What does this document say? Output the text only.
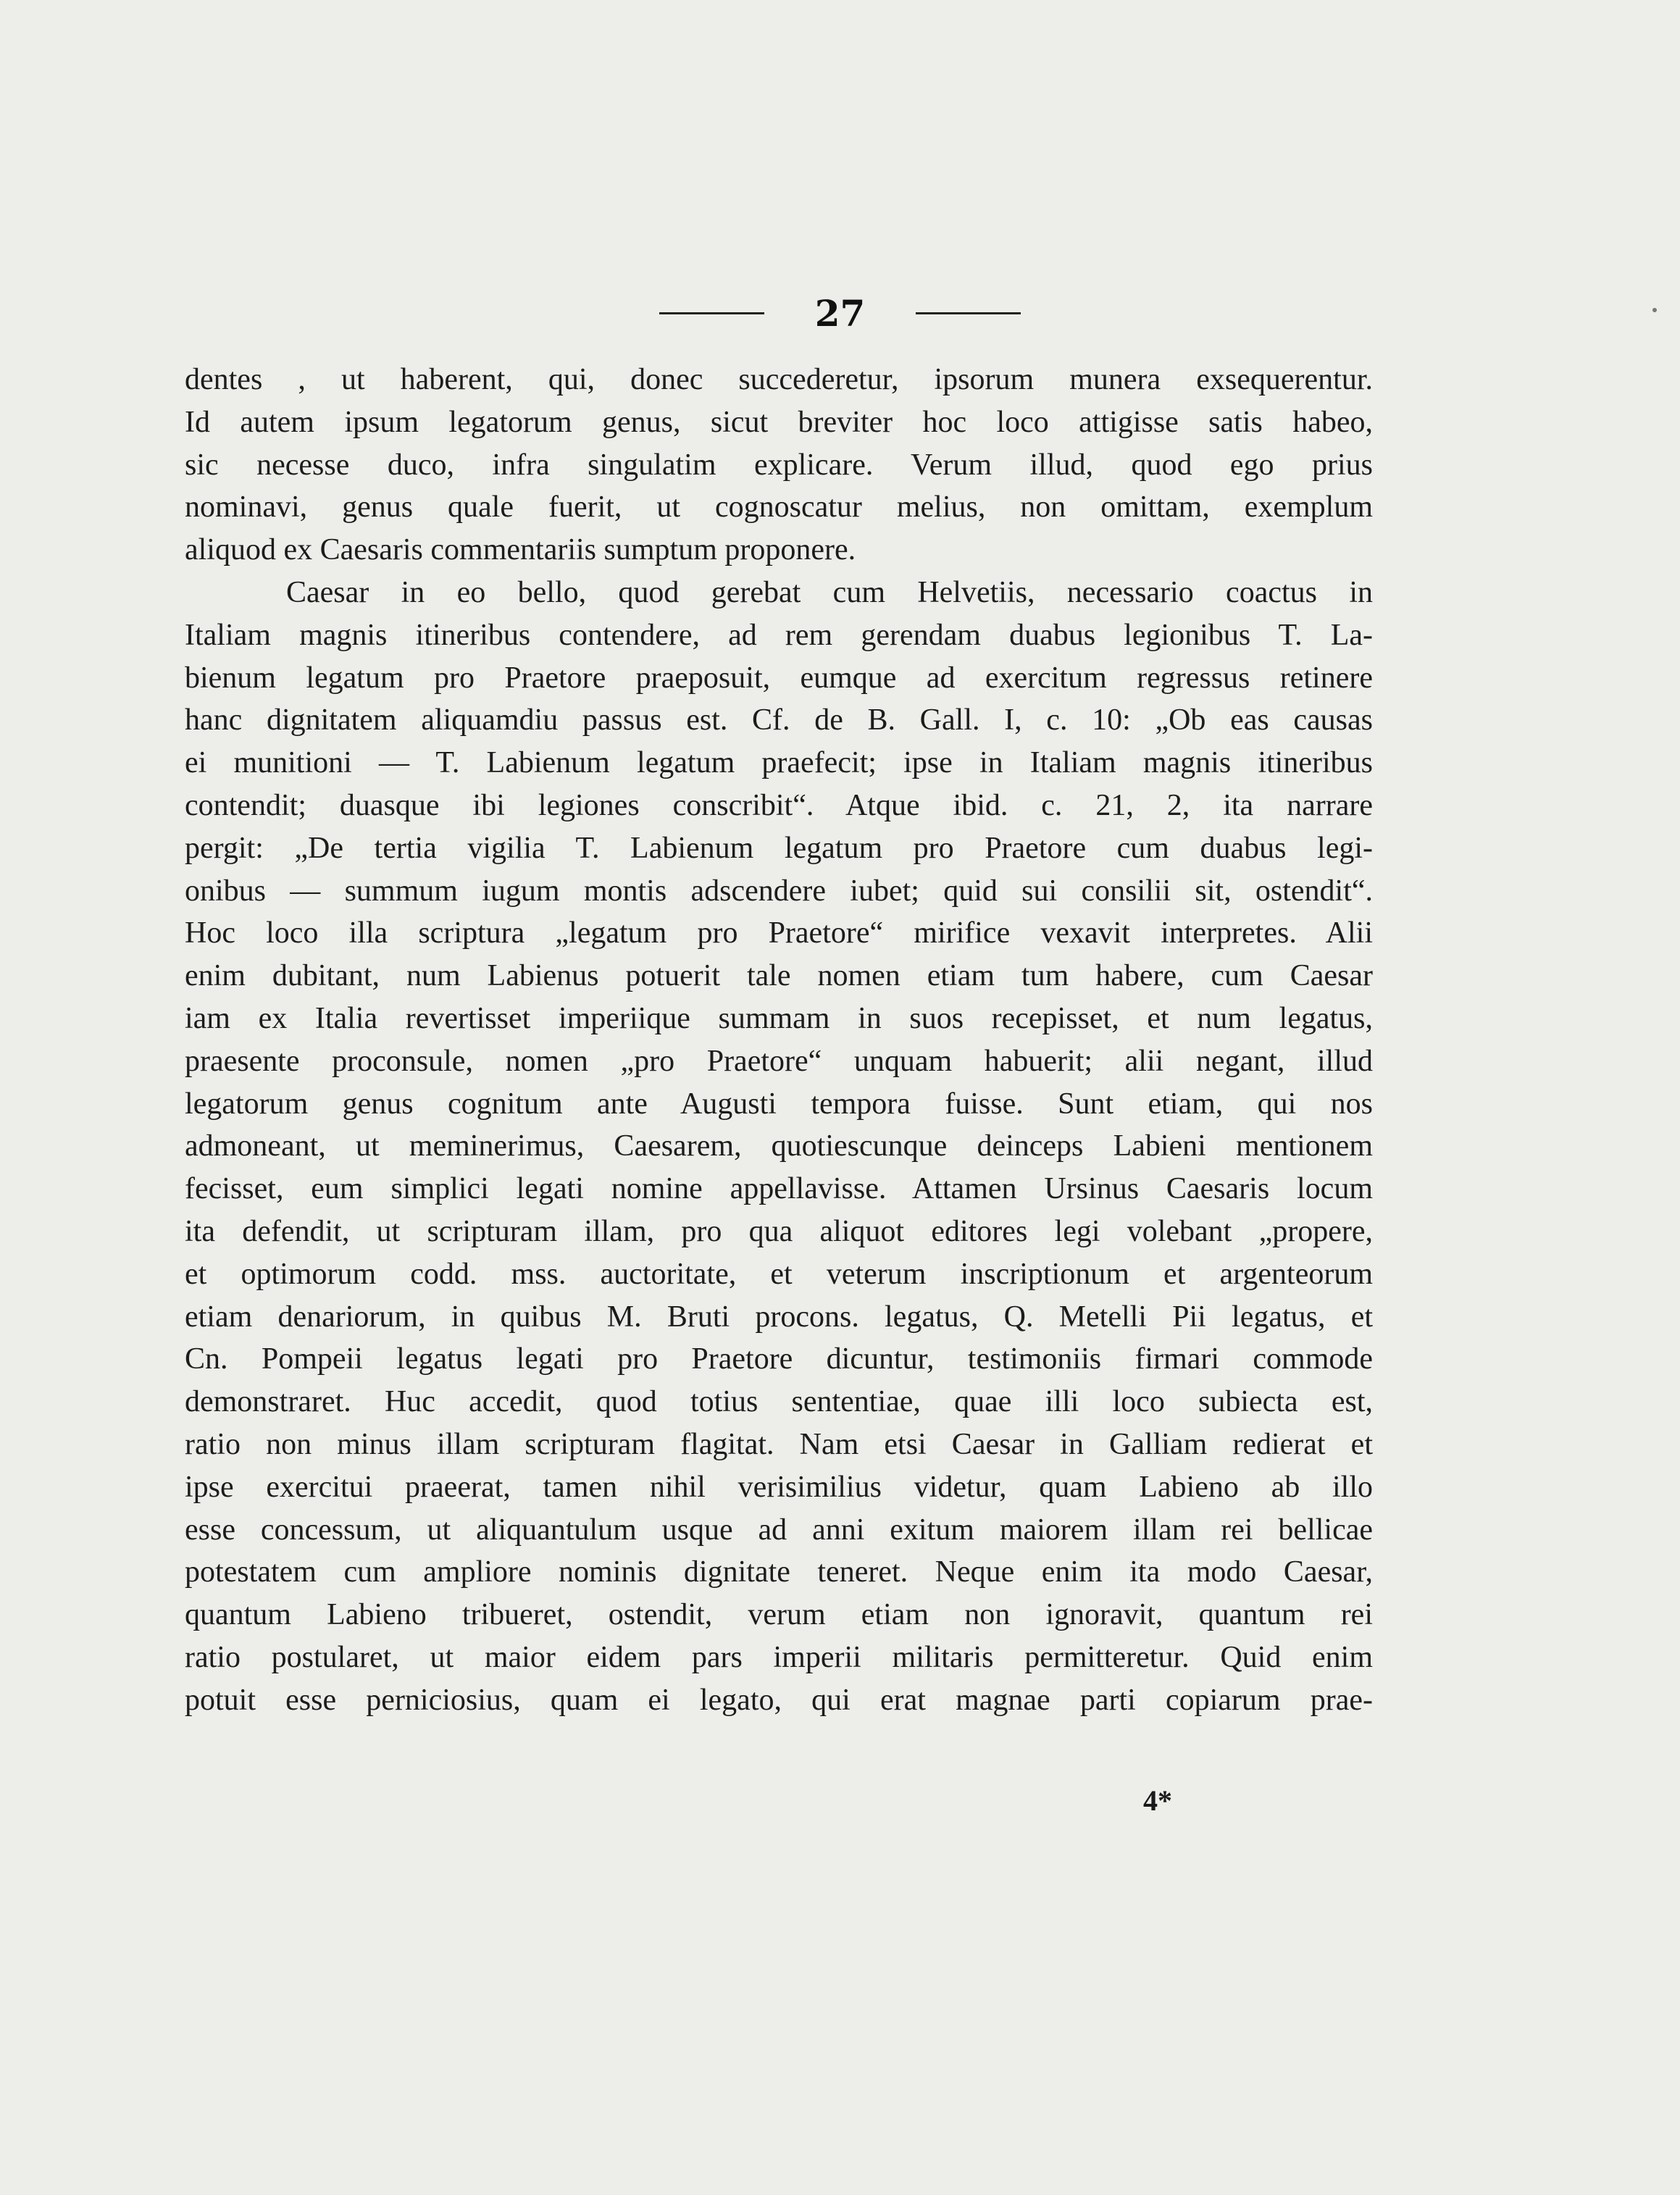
27
dentes , ut haberent, qui, donec succederetur, ipsorum munera exsequerentur.
Id autem ipsum legatorum genus, sicut breviter hoc loco attigisse satis habeo,
sic necesse duco, infra singulatim explicare. Verum illud, quod ego prius
nominavi, genus quale fuerit, ut cognoscatur melius, non omittam, exemplum
aliquod ex Caesaris commentariis sumptum proponere.
Caesar in eo bello, quod gerebat cum Helvetiis, necessario coactus in
Italiam magnis itineribus contendere, ad rem gerendam duabus legionibus T. La-
bienum legatum pro Praetore praeposuit, eumque ad exercitum regressus retinere
hanc dignitatem aliquamdiu passus est. Cf. de B. Gall. I, c. 10: „Ob eas causas
ei munitioni — T. Labienum legatum praefecit; ipse in Italiam magnis itineribus
contendit; duasque ibi legiones conscribit“. Atque ibid. c. 21, 2, ita narrare
pergit: „De tertia vigilia T. Labienum legatum pro Praetore cum duabus legi-
onibus — summum iugum montis adscendere iubet; quid sui consilii sit, ostendit“.
Hoc loco illa scriptura „legatum pro Praetore“ mirifice vexavit interpretes. Alii
enim dubitant, num Labienus potuerit tale nomen etiam tum habere, cum Caesar
iam ex Italia revertisset imperiique summam in suos recepisset, et num legatus,
praesente proconsule, nomen „pro Praetore“ unquam habuerit; alii negant, illud
legatorum genus cognitum ante Augusti tempora fuisse. Sunt etiam, qui nos
admoneant, ut meminerimus, Caesarem, quotiescunque deinceps Labieni mentionem
fecisset, eum simplici legati nomine appellavisse. Attamen Ursinus Caesaris locum
ita defendit, ut scripturam illam, pro qua aliquot editores legi volebant „propere,
et optimorum codd. mss. auctoritate, et veterum inscriptionum et argenteorum
etiam denariorum, in quibus M. Bruti procons. legatus, Q. Metelli Pii legatus, et
Cn. Pompeii legatus legati pro Praetore dicuntur, testimoniis firmari commode
demonstraret. Huc accedit, quod totius sententiae, quae illi loco subiecta est,
ratio non minus illam scripturam flagitat. Nam etsi Caesar in Galliam redierat et
ipse exercitui praeerat, tamen nihil verisimilius videtur, quam Labieno ab illo
esse concessum, ut aliquantulum usque ad anni exitum maiorem illam rei bellicae
potestatem cum ampliore nominis dignitate teneret. Neque enim ita modo Caesar,
quantum Labieno tribueret, ostendit, verum etiam non ignoravit, quantum rei
ratio postularet, ut maior eidem pars imperii militaris permitteretur. Quid enim
potuit esse perniciosius, quam ei legato, qui erat magnae parti copiarum prae-
4*
